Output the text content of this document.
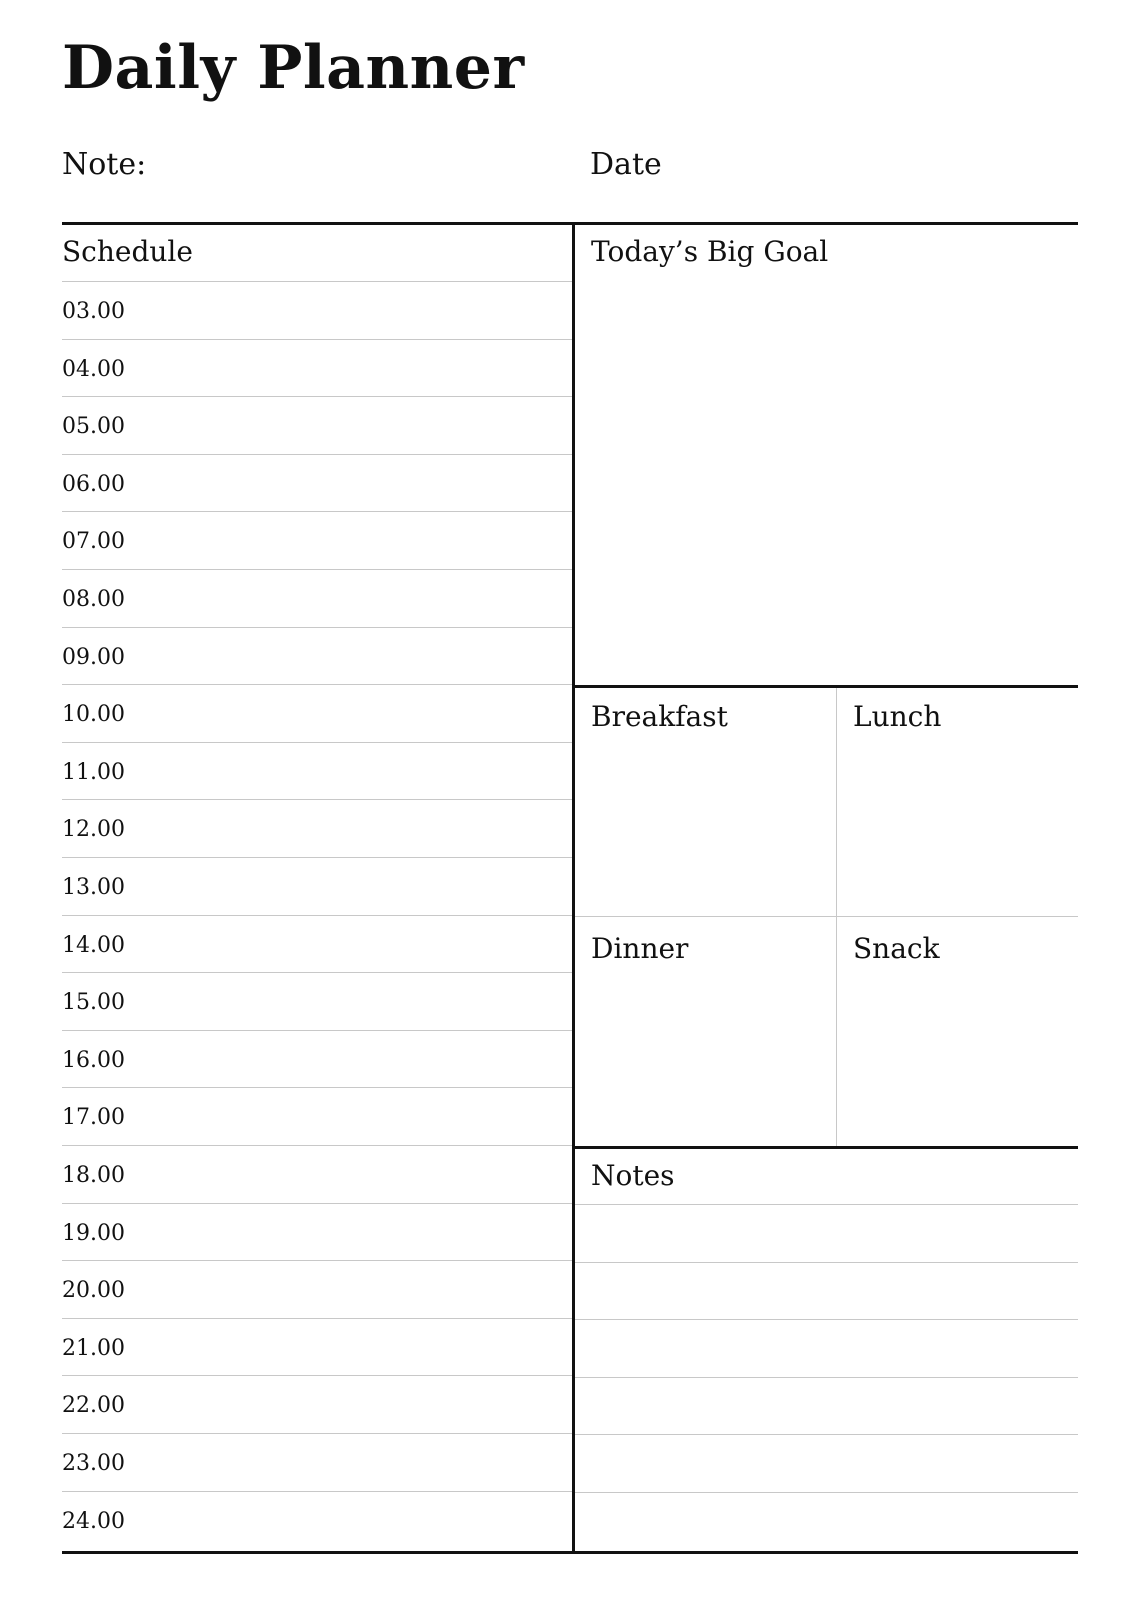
Daily Planner
Note:	Date
Schedule
03.00
04.00
05.00
06.00
07.00
08.00
09.00
10.00
11.00
12.00
13.00
14.00
15.00
16.00
17.00
18.00
19.00
20.00
21.00
22.00
23.00
24.00
Today’s Big Goal
Breakfast	Lunch
Dinner	Snack
Notes
